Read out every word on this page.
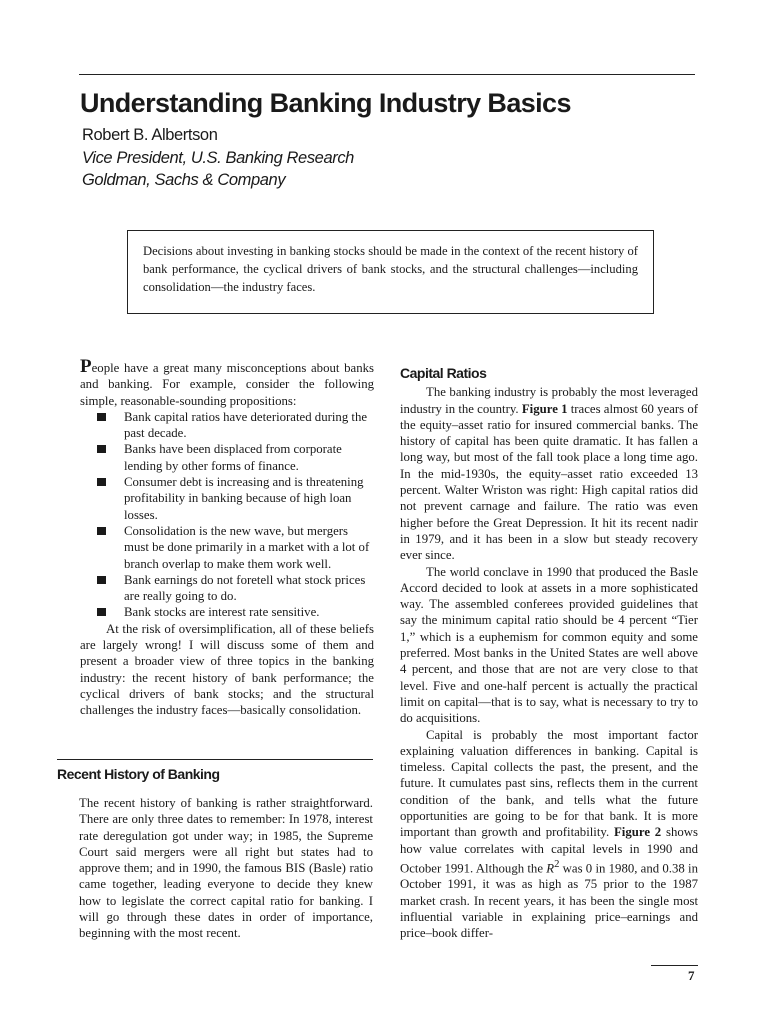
Understanding Banking Industry Basics
Robert B. Albertson
Vice President, U.S. Banking Research
Goldman, Sachs & Company
Decisions about investing in banking stocks should be made in the context of the recent history of bank performance, the cyclical drivers of bank stocks, and the structural challenges—including consolidation—the industry faces.

People have a great many misconceptions about banks and banking. For example, consider the following simple, reasonable-sounding propositions:

Bank capital ratios have deteriorated during the past decade.
Banks have been displaced from corporate lending by other forms of finance.
Consumer debt is increasing and is threatening profitability in banking because of high loan losses.
Consolidation is the new wave, but mergers must be done primarily in a market with a lot of branch overlap to make them work well.
Bank earnings do not foretell what stock prices are really going to do.
Bank stocks are interest rate sensitive.

At the risk of oversimplification, all of these beliefs are largely wrong! I will discuss some of them and present a broader view of three topics in the banking industry: the recent history of bank performance; the cyclical drivers of bank stocks; and the structural challenges the industry faces—basically consolidation.

Recent History of Banking
The recent history of banking is rather straightforward. There are only three dates to remember: In 1978, interest rate deregulation got under way; in 1985, the Supreme Court said mergers were all right but states had to approve them; and in 1990, the famous BIS (Basle) ratio came together, leading everyone to decide they knew how to legislate the correct capital ratio for banking. I will go through these dates in order of importance, beginning with the most recent.
Capital Ratios

The banking industry is probably the most leveraged industry in the country. Figure 1 traces almost 60 years of the equity–asset ratio for insured commercial banks. The history of capital has been quite dramatic. It has fallen a long way, but most of the fall took place a long time ago. In the mid-1930s, the equity–asset ratio exceeded 13 percent. Walter Wriston was right: High capital ratios did not prevent carnage and failure. The ratio was even higher before the Great Depression. It hit its recent nadir in 1979, and it has been in a slow but steady recovery ever since.

The world conclave in 1990 that produced the Basle Accord decided to look at assets in a more sophisticated way. The assembled conferees provided guidelines that say the minimum capital ratio should be 4 percent “Tier 1,” which is a euphemism for common equity and some preferred. Most banks in the United States are well above 4 percent, and those that are not are very close to that level. Five and one-half percent is actually the practical limit on capital—that is to say, what is necessary to try to do acquisitions.

Capital is probably the most important factor explaining valuation differences in banking. Capital is timeless. Capital collects the past, the present, and the future. It cumulates past sins, reflects them in the current condition of the bank, and tells what the future opportunities are going to be for that bank. It is more important than growth and profitability. Figure 2 shows how value correlates with capital levels in 1990 and October 1991. Although the $R^2$ was 0 in 1980, and 0.38 in October 1991, it was as high as 75 prior to the 1987 market crash. In recent years, it has been the single most influential variable in explaining price–earnings and price–book differ-

7
